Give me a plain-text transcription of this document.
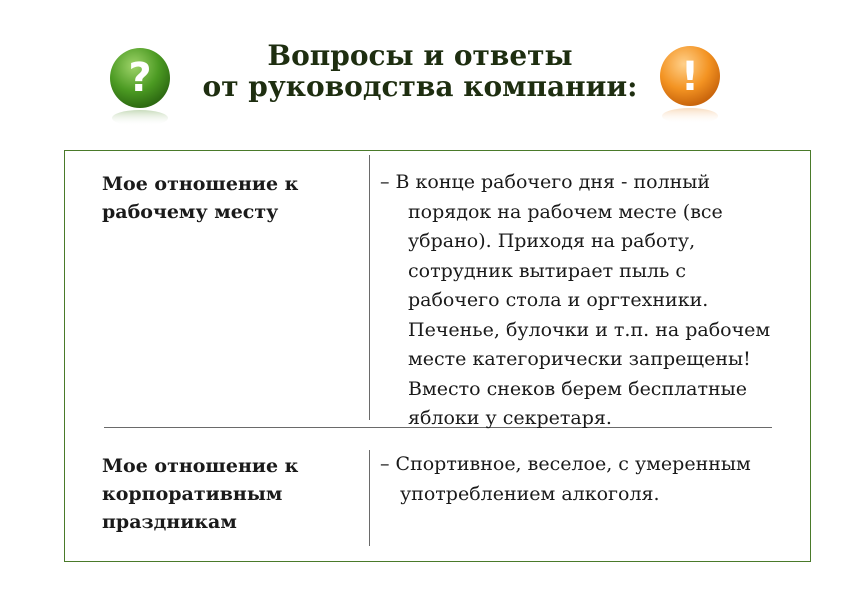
?	Вопросы и ответы
от руководства компании:	!
Мое отношение к
рабочему месту
– В конце рабочего дня - полный
порядок на рабочем месте (все
убрано). Приходя на работу,
сотрудник вытирает пыль с
рабочего стола и оргтехники.
Печенье, булочки и т.п. на рабочем
месте категорически запрещены!
Вместо снеков берем бесплатные
яблоки у секретаря.
Мое отношение к
корпоративным
праздникам
– Спортивное, веселое, с умеренным
употреблением алкоголя.
